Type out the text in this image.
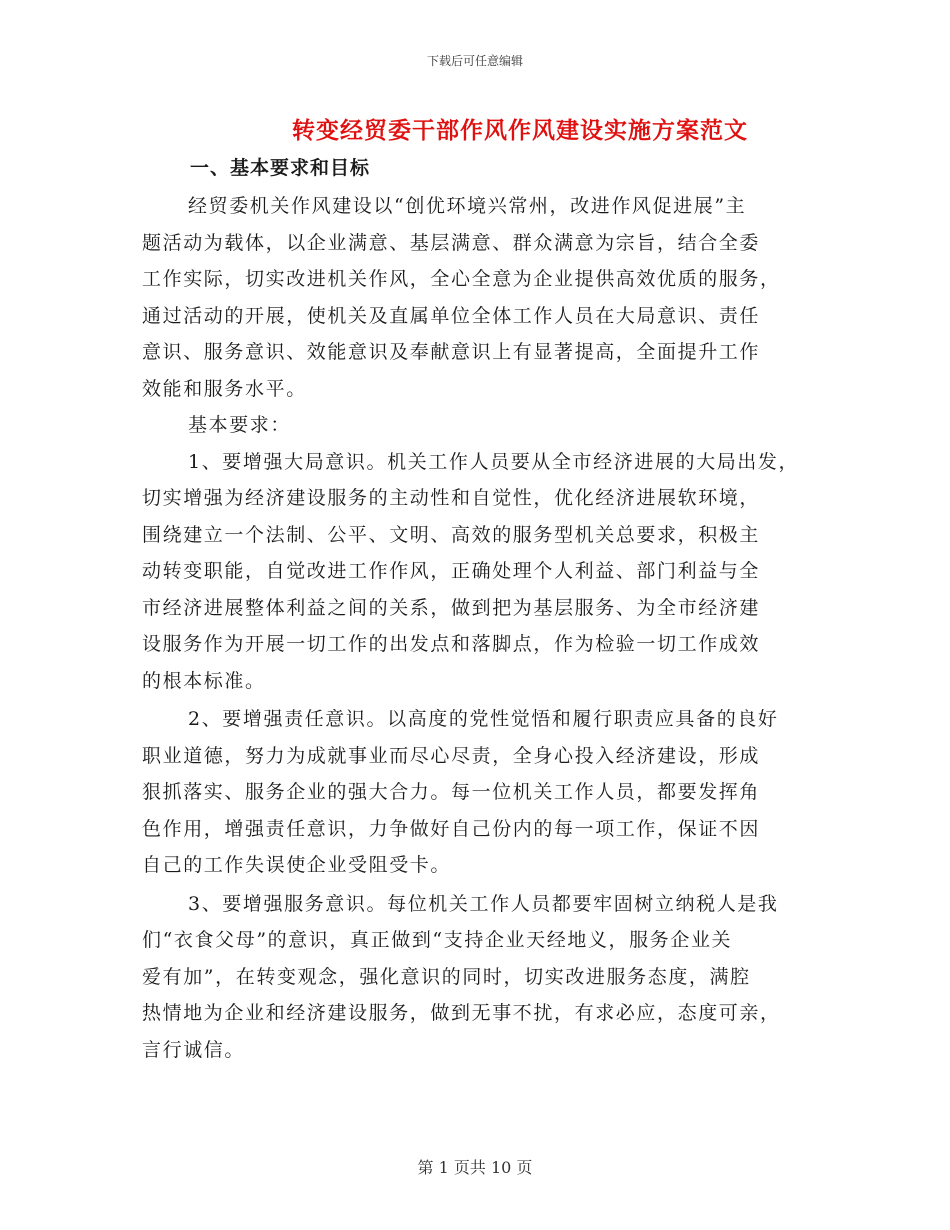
下载后可任意编辑
转变经贸委干部作风作风建设实施方案范文
一、基本要求和目标

经贸委机关作风建设以“创优环境兴常州，改进作风促进展”主
题活动为载体，以企业满意、基层满意、群众满意为宗旨，结合全委
工作实际，切实改进机关作风，全心全意为企业提供高效优质的服务，
通过活动的开展，使机关及直属单位全体工作人员在大局意识、责任
意识、服务意识、效能意识及奉献意识上有显著提高，全面提升工作
效能和服务水平。

基本要求：

1、要增强大局意识。机关工作人员要从全市经济进展的大局出发，
切实增强为经济建设服务的主动性和自觉性，优化经济进展软环境，
围绕建立一个法制、公平、文明、高效的服务型机关总要求，积极主
动转变职能，自觉改进工作作风，正确处理个人利益、部门利益与全
市经济进展整体利益之间的关系，做到把为基层服务、为全市经济建
设服务作为开展一切工作的出发点和落脚点，作为检验一切工作成效
的根本标准。

2、要增强责任意识。以高度的党性觉悟和履行职责应具备的良好
职业道德，努力为成就事业而尽心尽责，全身心投入经济建设，形成
狠抓落实、服务企业的强大合力。每一位机关工作人员，都要发挥角
色作用，增强责任意识，力争做好自己份内的每一项工作，保证不因
自己的工作失误使企业受阻受卡。

3、要增强服务意识。每位机关工作人员都要牢固树立纳税人是我
们“衣食父母”的意识，真正做到“支持企业天经地义，服务企业关
爱有加”，在转变观念，强化意识的同时，切实改进服务态度，满腔
热情地为企业和经济建设服务，做到无事不扰，有求必应，态度可亲，
言行诚信。

第 1 页共 10 页
